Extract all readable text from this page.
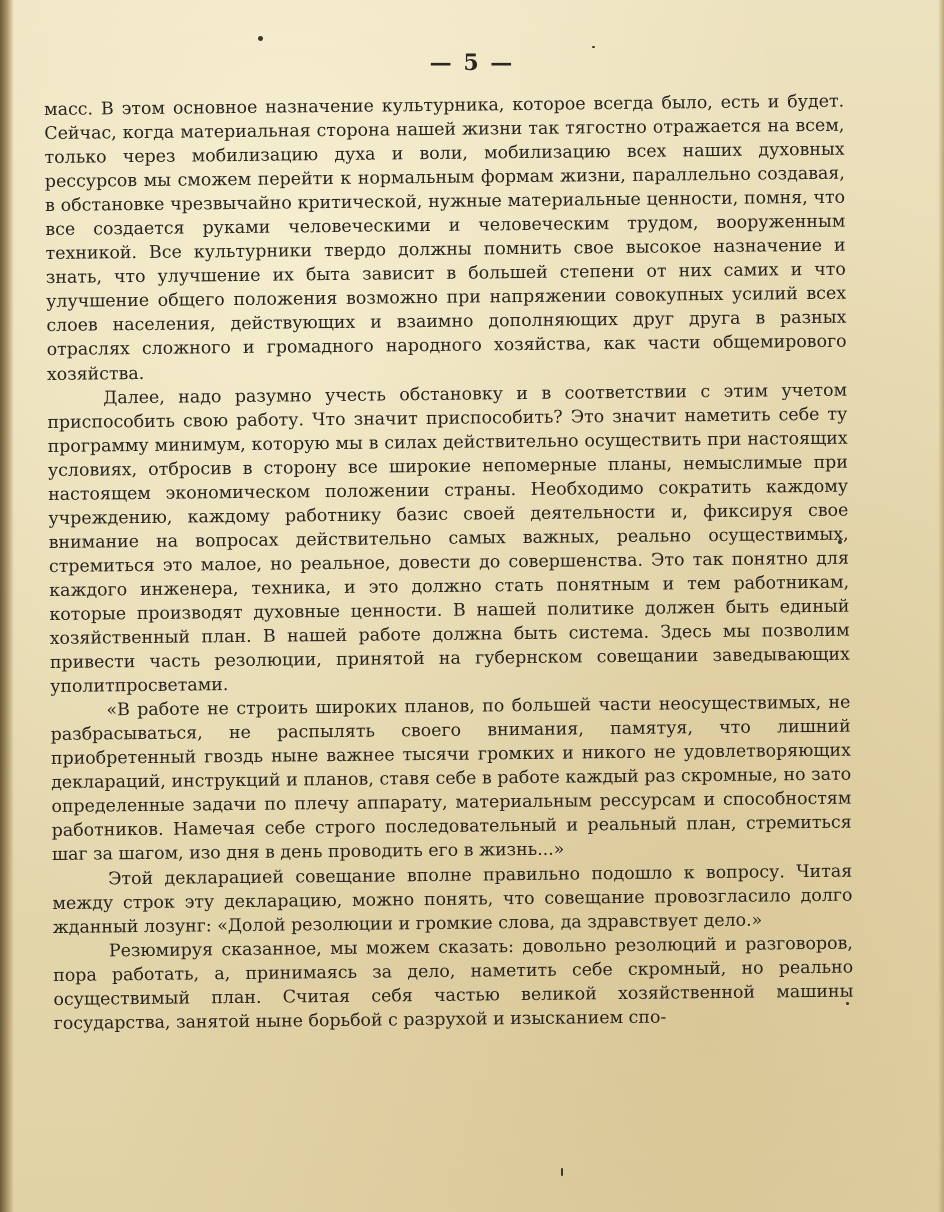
— 5 —

масс. В этом основное назначение культурника, которое всегда было, есть и будет. Сейчас, когда материальная сторона нашей жизни так тягостно отражается на всем, только через мобилизацию духа и воли, мобилизацию всех наших духовных рессурсов мы сможем перейти к нормальным формам жизни, параллельно создавая, в обстановке чрезвычайно критической, нужные материальные ценности, помня, что все создается руками человеческими и человеческим трудом, вооруженным техникой. Все культурники твердо должны помнить свое высокое назначение и знать, что улучшение их быта зависит в большей степени от них самих и что улучшение общего положения возможно при напряжении совокупных усилий всех слоев населения, действующих и взаимно дополняющих друг друга в разных отраслях сложного и громадного народного хозяйства, как части общемирового хозяйства.

Далее, надо разумно учесть обстановку и в соответствии с этим учетом приспособить свою работу. Что значит приспособить? Это значит наметить себе ту программу минимум, которую мы в силах действительно осуществить при настоящих условиях, отбросив в сторону все широкие непомерные планы, немыслимые при настоящем экономическом положении страны. Необходимо сократить каждому учреждению, каждому работнику базис своей деятельности и, фиксируя свое внимание на вопросах действительно самых важных, реально осуществимых, стремиться это малое, но реальное, довести до совершенства. Это так понятно для каждого инженера, техника, и это должно стать понятным и тем работникам, которые производят духовные ценности. В нашей политике должен быть единый хозяйственный план. В нашей работе должна быть система. Здесь мы позволим привести часть резолюции, принятой на губернском совещании заведывающих уполитпросветами.

«В работе не строить широких планов, по большей части неосуществимых, не разбрасываться, не распылять своего внимания, памятуя, что лишний приобретенный гвоздь ныне важнее тысячи громких и никого не удовлетворяющих деклараций, инструкций и планов, ставя себе в работе каждый раз скромные, но зато определенные задачи по плечу аппарату, материальным рессурсам и способностям работников. Намечая себе строго последовательный и реальный план, стремиться шаг за шагом, изо дня в день проводить его в жизнь...»

Этой декларацией совещание вполне правильно подошло к вопросу. Читая между строк эту декларацию, можно понять, что совещание провозгласило долго жданный лозунг: «Долой резолюции и громкие слова, да здравствует дело.»

Резюмируя сказанное, мы можем сказать: довольно резолюций и разговоров, пора работать, а, принимаясь за дело, наметить себе скромный, но реально осуществимый план. Считая себя частью великой хозяйственной машины государства, занятой ныне борьбой с разрухой и изысканием спо-
